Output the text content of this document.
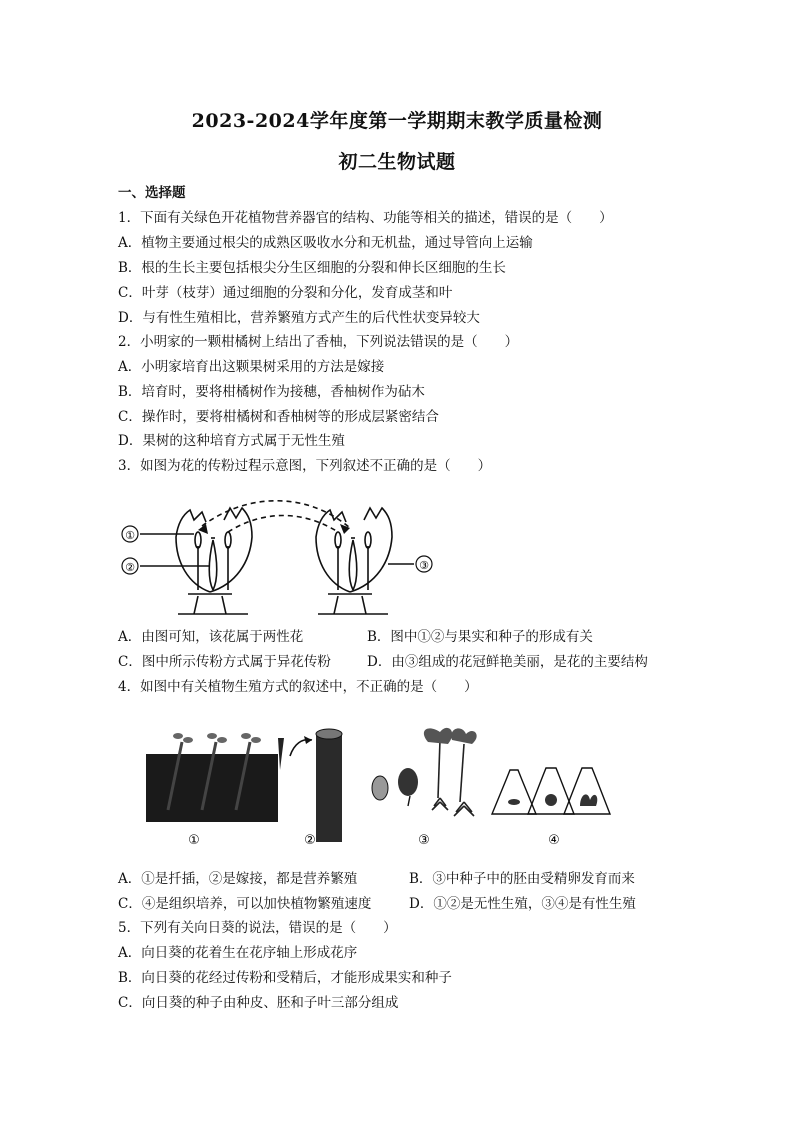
2023-2024学年度第一学期期末教学质量检测
初二生物试题
一、选择题
1．下面有关绿色开花植物营养器官的结构、功能等相关的描述，错误的是（　　）
A．植物主要通过根尖的成熟区吸收水分和无机盐，通过导管向上运输
B．根的生长主要包括根尖分生区细胞的分裂和伸长区细胞的生长
C．叶芽（枝芽）通过细胞的分裂和分化，发育成茎和叶
D．与有性生殖相比，营养繁殖方式产生的后代性状变异较大
2．小明家的一颗柑橘树上结出了香柚，下列说法错误的是（　　）
A．小明家培育出这颗果树采用的方法是嫁接
B．培育时，要将柑橘树作为接穗，香柚树作为砧木
C．操作时，要将柑橘树和香柚树等的形成层紧密结合
D．果树的这种培育方式属于无性生殖
3．如图为花的传粉过程示意图，下列叙述不正确的是（　　）
①
②	③
A．由图可知，该花属于两性花	B．图中①②与果实和种子的形成有关
C．图中所示传粉方式属于异花传粉	D．由③组成的花冠鲜艳美丽，是花的主要结构
4．如图中有关植物生殖方式的叙述中，不正确的是（　　）
①	②	③	④
A．①是扦插，②是嫁接，都是营养繁殖	B．③中种子中的胚由受精卵发育而来
C．④是组织培养，可以加快植物繁殖速度	D．①②是无性生殖，③④是有性生殖
5．下列有关向日葵的说法，错误的是（　　）
A．向日葵的花着生在花序轴上形成花序
B．向日葵的花经过传粉和受精后，才能形成果实和种子
C．向日葵的种子由种皮、胚和子叶三部分组成
